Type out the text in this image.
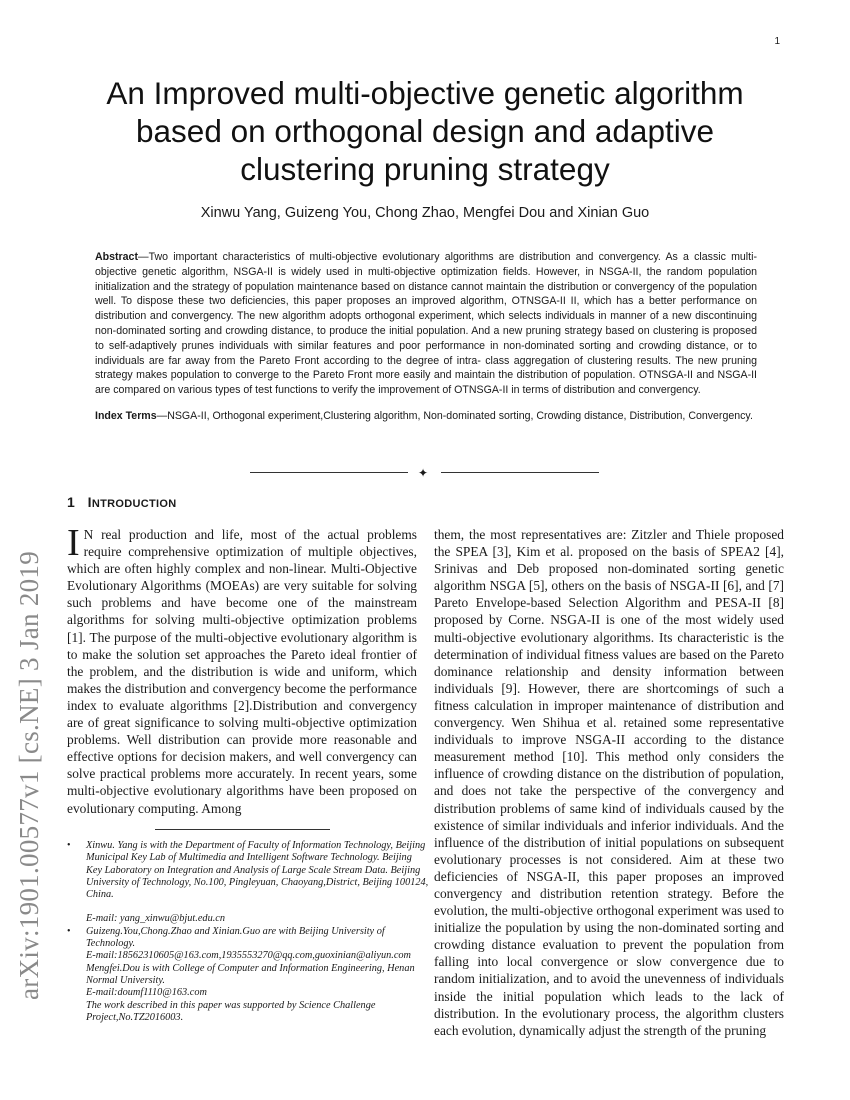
1
arXiv:1901.00577v1 [cs.NE] 3 Jan 2019
An Improved multi-objective genetic algorithm based on orthogonal design and adaptive clustering pruning strategy
Xinwu Yang, Guizeng You, Chong Zhao, Mengfei Dou and Xinian Guo
Abstract—Two important characteristics of multi-objective evolutionary algorithms are distribution and convergency. As a classic multi-objective genetic algorithm, NSGA-II is widely used in multi-objective optimization fields. However, in NSGA-II, the random population initialization and the strategy of population maintenance based on distance cannot maintain the distribution or convergency of the population well. To dispose these two deficiencies, this paper proposes an improved algorithm, OTNSGA-II II, which has a better performance on distribution and convergency. The new algorithm adopts orthogonal experiment, which selects individuals in manner of a new discontinuing non-dominated sorting and crowding distance, to produce the initial population. And a new pruning strategy based on clustering is proposed to self-adaptively prunes individuals with similar features and poor performance in non-dominated sorting and crowding distance, or to individuals are far away from the Pareto Front according to the degree of intra- class aggregation of clustering results. The new pruning strategy makes population to converge to the Pareto Front more easily and maintain the distribution of population. OTNSGA-II and NSGA-II are compared on various types of test functions to verify the improvement of OTNSGA-II in terms of distribution and convergency.
Index Terms—NSGA-II, Orthogonal experiment,Clustering algorithm, Non-dominated sorting, Crowding distance, Distribution, Convergency.
✦
1 INTRODUCTION
I N real production and life, most of the actual problems require comprehensive optimization of multiple objectives, which are often highly complex and non-linear. Multi-Objective Evolutionary Algorithms (MOEAs) are very suitable for solving such problems and have become one of the mainstream algorithms for solving multi-objective optimization problems [1]. The purpose of the multi-objective evolutionary algorithm is to make the solution set approaches the Pareto ideal frontier of the problem, and the distribution is wide and uniform, which makes the distribution and convergency become the performance index to evaluate algorithms [2].Distribution and convergency are of great significance to solving multi-objective optimization problems. Well distribution can provide more reasonable and effective options for decision makers, and well convergency can solve practical problems more accurately. In recent years, some multi-objective evolutionary algorithms have been proposed on evolutionary computing. Among
them, the most representatives are: Zitzler and Thiele proposed the SPEA [3], Kim et al. proposed on the basis of SPEA2 [4], Srinivas and Deb proposed non-dominated sorting genetic algorithm NSGA [5], others on the basis of NSGA-II [6], and [7] Pareto Envelope-based Selection Algorithm and PESA-II [8] proposed by Corne. NSGA-II is one of the most widely used multi-objective evolutionary algorithms. Its characteristic is the determination of individual fitness values are based on the Pareto dominance relationship and density information between individuals [9]. However, there are shortcomings of such a fitness calculation in improper maintenance of distribution and convergency. Wen Shihua et al. retained some representative individuals to improve NSGA-II according to the distance measurement method [10]. This method only considers the influence of crowding distance on the distribution of population, and does not take the perspective of the convergency and distribution problems of same kind of individuals caused by the existence of similar individuals and inferior individuals. And the influence of the distribution of initial populations on subsequent evolutionary processes is not considered. Aim at these two deficiencies of NSGA-II, this paper proposes an improved convergency and distribution retention strategy. Before the evolution, the multi-objective orthogonal experiment was used to initialize the population by using the non-dominated sorting and crowding distance evaluation to prevent the population from falling into local convergence or slow convergence due to random initialization, and to avoid the unevenness of individuals inside the initial population which leads to the lack of distribution. In the evolutionary process, the algorithm clusters each evolution, dynamically adjust the strength of the pruning
• Xinwu. Yang is with the Department of Faculty of Information Technology, Beijing Municipal Key Lab of Multimedia and Intelligent Software Technology. Beijing Key Laboratory on Integration and Analysis of Large Scale Stream Data. Beijing University of Technology, No.100, Pingleyuan, Chaoyang,District, Beijing 100124, China.
E-mail: yang_xinwu@bjut.edu.cn
• Guizeng.You,Chong.Zhao and Xinian.Guo are with Beijing University of Technology.
E-mail:18562310605@163.com,1935553270@qq.com,guoxinian@aliyun.com
Mengfei.Dou is with College of Computer and Information Engineering, Henan Normal University.
E-mail:doumf1110@163.com
The work described in this paper was supported by Science Challenge Project,No.TZ2016003.
